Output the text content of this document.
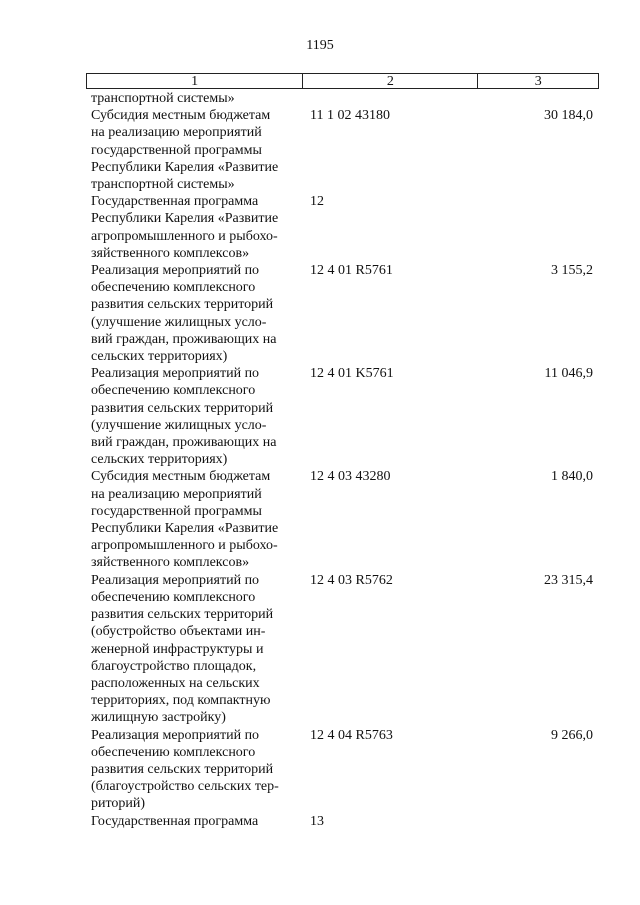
1195
1	2	3
транспортной системы»
Субсидия местным бюджетам
на реализацию мероприятий
государственной программы
Республики Карелия «Развитие
транспортной системы»
11 1 02 43180	30 184,0
Государственная программа
Республики Карелия «Развитие
агропромышленного и рыбохо-
зяйственного комплексов»
12
Реализация мероприятий по
обеспечению комплексного
развития сельских территорий
(улучшение жилищных усло-
вий граждан, проживающих на
сельских территориях)
12 4 01 R5761	3 155,2
Реализация мероприятий по
обеспечению комплексного
развития сельских территорий
(улучшение жилищных усло-
вий граждан, проживающих на
сельских территориях)
12 4 01 K5761	11 046,9
Субсидия местным бюджетам
на реализацию мероприятий
государственной программы
Республики Карелия «Развитие
агропромышленного и рыбохо-
зяйственного комплексов»
12 4 03 43280	1 840,0
Реализация мероприятий по
обеспечению комплексного
развития сельских территорий
(обустройство объектами ин-
женерной инфраструктуры и
благоустройство площадок,
расположенных на сельских
территориях, под компактную
жилищную застройку)
12 4 03 R5762	23 315,4
Реализация мероприятий по
обеспечению комплексного
развития сельских территорий
(благоустройство сельских тер-
риторий)
12 4 04 R5763	9 266,0
Государственная программа	13
